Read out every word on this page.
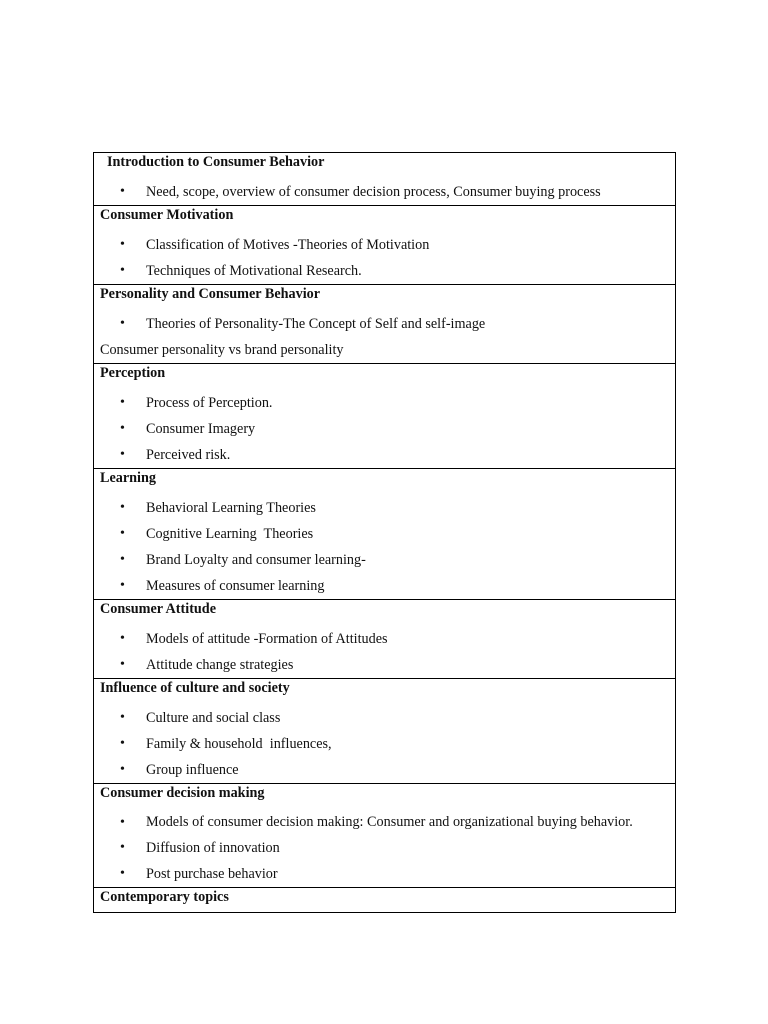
Introduction to Consumer Behavior
• Need, scope, overview of consumer decision process, Consumer buying process

Consumer Motivation
• Classification of Motives -Theories of Motivation
• Techniques of Motivational Research.

Personality and Consumer Behavior
• Theories of Personality-The Concept of Self and self-image
Consumer personality vs brand personality

Perception
• Process of Perception.
• Consumer Imagery
• Perceived risk.

Learning
• Behavioral Learning Theories
• Cognitive Learning  Theories
• Brand Loyalty and consumer learning-
• Measures of consumer learning

Consumer Attitude
• Models of attitude -Formation of Attitudes
• Attitude change strategies

Influence of culture and society
• Culture and social class
• Family & household  influences,
• Group influence

Consumer decision making
• Models of consumer decision making: Consumer and organizational buying behavior.
• Diffusion of innovation
• Post purchase behavior

Contemporary topics
